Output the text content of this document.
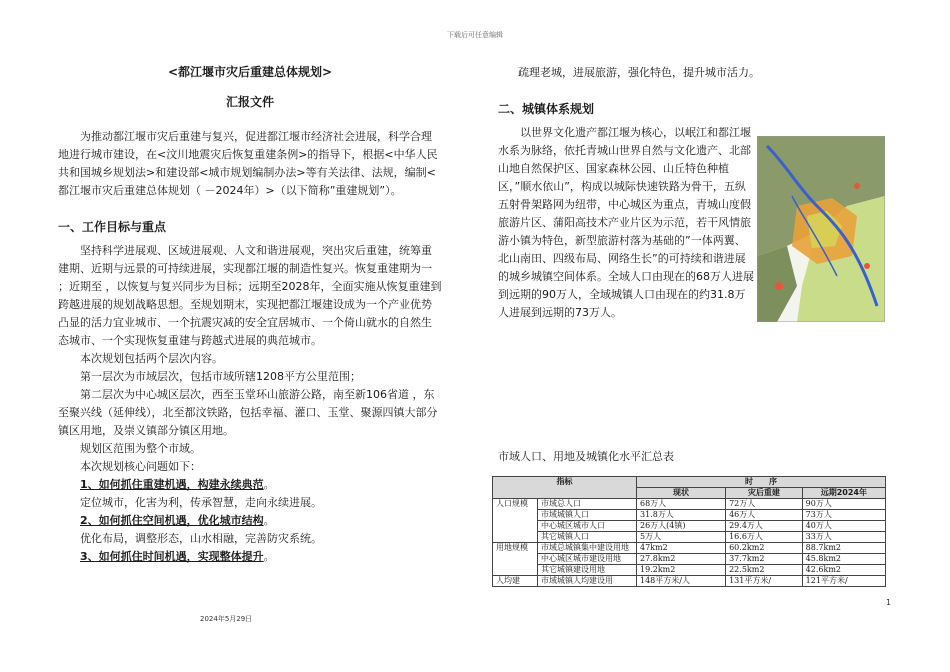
下载后可任意编辑
<都江堰市灾后重建总体规划>
汇报文件

为推动都江堰市灾后重建与复兴，促进都江堰市经济社会进展，科学合理地进行城市建设，在<汶川地震灾后恢复重建条例>的指导下，根据<中华人民共和国城乡规划法>和建设部<城市规划编制办法>等有关法律、法规，编制<都江堰市灾后重建总体规划（ －2024年）>（以下简称”重建规划”）。

一、工作目标与重点

坚持科学进展观、区域进展观、人文和谐进展观，突出灾后重建，统筹重建期、近期与远景的可持续进展，实现都江堰的制造性复兴。恢复重建期为一 ；近期至 ，以恢复与复兴同步为目标；远期至2028年，全面实施从恢复重建到跨越进展的规划战略思想。至规划期末，实现把都江堰建设成为一个产业优势凸显的活力宜业城市、一个抗震灾减的安全宜居城市、一个倚山就水的自然生态城市、一个实现恢复重建与跨越式进展的典范城市。

本次规划包括两个层次内容。

第一层次为市域层次，包括市域所辖1208平方公里范围；

第二层次为中心城区层次，西至玉堂环山旅游公路，南至新106省道 ，东至聚兴线（延伸线），北至都汶铁路，包括幸福、灌口、玉堂、聚源四镇大部分镇区用地，及崇义镇部分镇区用地。

规划区范围为整个市域。

本次规划核心问题如下：

1、如何抓住重建机遇，构建永续典范。

定位城市，化害为利，传承智慧，走向永续进展。

2、如何抓住空间机遇，优化城市结构。

优化布局，调整形态，山水相融，完善防灾系统。

3、如何抓住时间机遇，实现整体提升。

疏理老城，进展旅游，强化特色，提升城市活力。

二、城镇体系规划

以世界文化遗产都江堰为核心，以岷江和都江堰水系为脉络，依托青城山世界自然与文化遗产、北部山地自然保护区、国家森林公园、山丘特色种植区，”顺水依山”，构成以城际快速铁路为骨干，五纵五射骨架路网为纽带，中心城区为重点，青城山度假旅游片区、蒲阳高技术产业片区为示范，若干风情旅游小镇为特色，新型旅游村落为基础的”一体两翼、北山南田、四级布局、网络生长”的可持续和谐进展的城乡城镇空间体系。全域人口由现在的68万人进展到远期的90万人，全域城镇人口由现在的约31.8万人进展到远期的73万人。

市域人口、用地及城镇化水平汇总表
指标		时　　序		
		现状	灾后重建	远期2024年
人口规模	市域总人口	68万人	72万人	90万人
	市域城镇人口	31.8万人	46万人	73万人
	中心城区城市人口	26万人(4镇)	29.4万人	40万人
	其它城镇人口	5万人	16.6万人	33万人
用地规模	市域总城镇集中建设用地	47km2	60.2km2	88.7km2
	中心城区城市建设用地	27.8km2	37.7km2	45.8km2
	其它城镇建设用地	19.2km2	22.5km2	42.6km2
人均建	市域城镇人均建设用	148平方米/人	131平方米/	121平方米/
1
2024年5月29日
